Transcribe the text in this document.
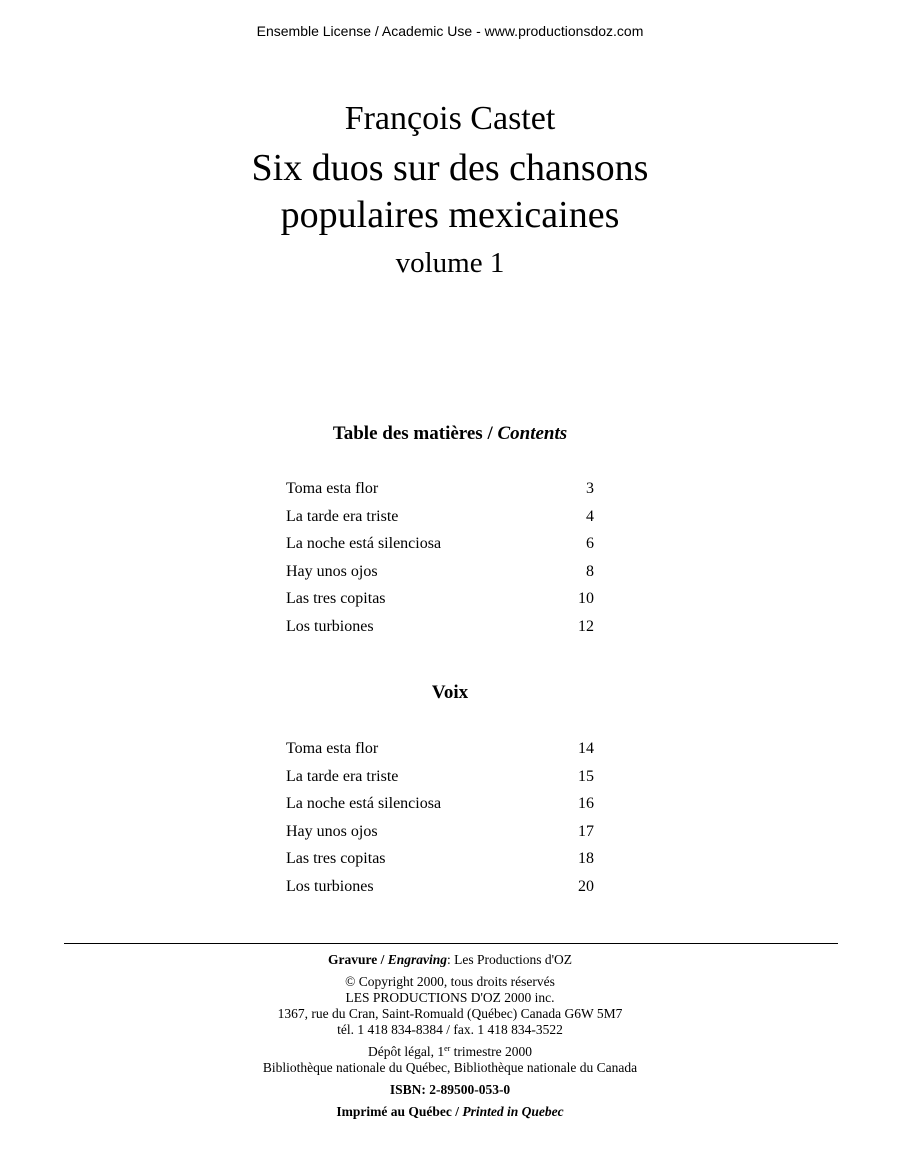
Ensemble License / Academic Use - www.productionsdoz.com
François Castet
Six duos sur des chansons
populaires mexicaines
volume 1
Table des matières / Contents
Toma esta flor	3
La tarde era triste	4
La noche está silenciosa	6
Hay unos ojos	8
Las tres copitas	10
Los turbiones	12
Voix
Toma esta flor	14
La tarde era triste	15
La noche está silenciosa	16
Hay unos ojos	17
Las tres copitas	18
Los turbiones	20
Gravure / Engraving: Les Productions d'OZ
© Copyright 2000, tous droits réservés
LES PRODUCTIONS D'OZ 2000 inc.
1367, rue du Cran, Saint-Romuald (Québec) Canada G6W 5M7
tél. 1 418 834-8384 / fax. 1 418 834-3522
Dépôt légal, 1er trimestre 2000
Bibliothèque nationale du Québec, Bibliothèque nationale du Canada
ISBN: 2-89500-053-0
Imprimé au Québec / Printed in Quebec
